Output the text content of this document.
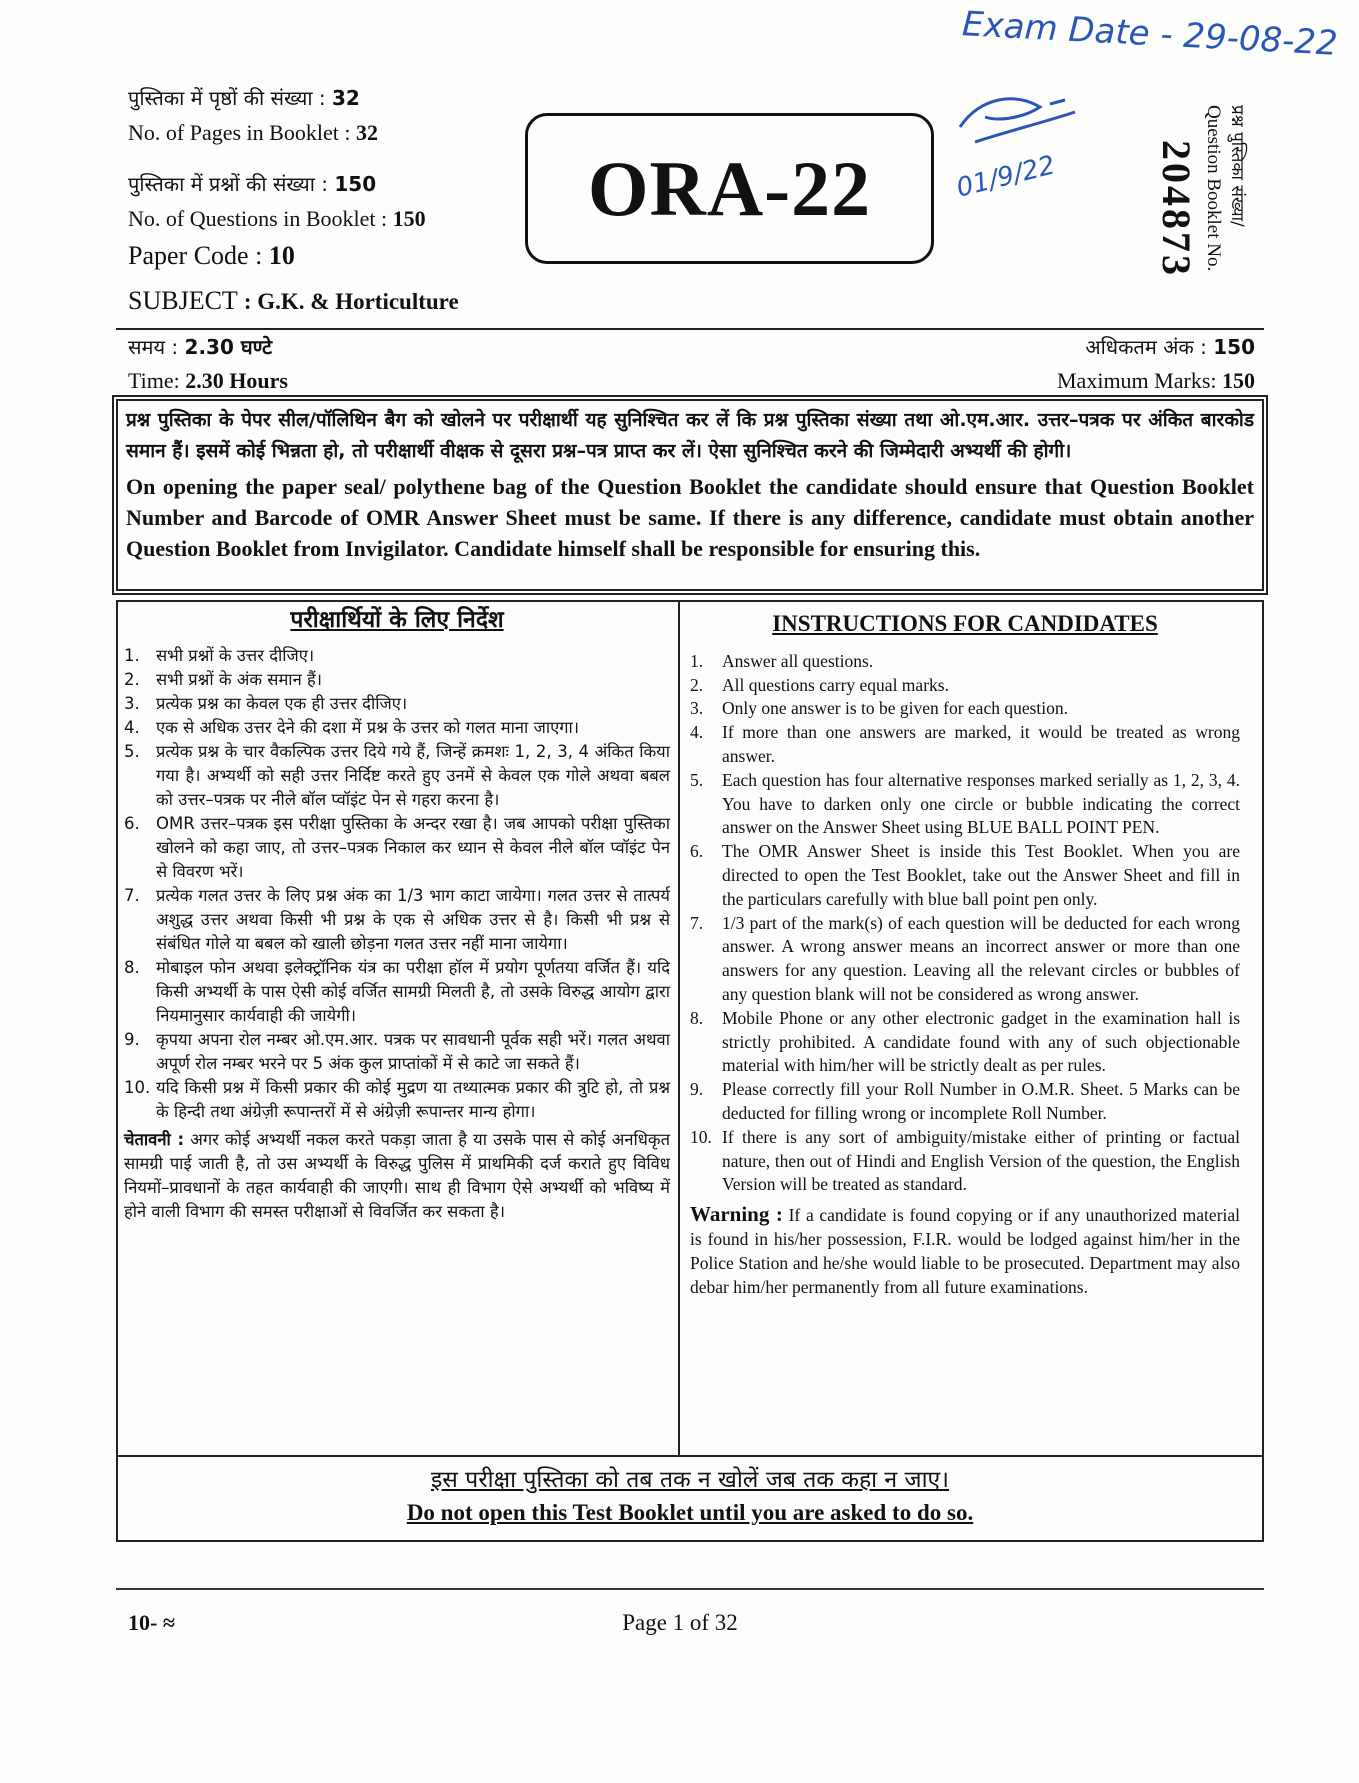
Exam Date - 29-08-22
01/9/22
पुस्तिका में पृष्ठों की संख्या : 32
No. of Pages in Booklet : 32
पुस्तिका में प्रश्नों की संख्या : 150
No. of Questions in Booklet : 150
Paper Code : 10
SUBJECT : G.K. & Horticulture
ORA-22	204873 प्रश्न पुस्तिका संख्या/
Question Booklet No.
समय : 2.30 घण्टे
Time: 2.30 Hours
अधिकतम अंक : 150
Maximum Marks: 150

प्रश्न पुस्तिका के पेपर सील/पॉलिथिन बैग को खोलने पर परीक्षार्थी यह सुनिश्चित कर लें कि प्रश्न पुस्तिका संख्या तथा ओ.एम.आर. उत्तर–पत्रक पर अंकित बारकोड समान हैं। इसमें कोई भिन्नता हो, तो परीक्षार्थी वीक्षक से दूसरा प्रश्न–पत्र प्राप्त कर लें। ऐसा सुनिश्चित करने की जिम्मेदारी अभ्यर्थी की होगी।

On opening the paper seal/ polythene bag of the Question Booklet the candidate should ensure that Question Booklet Number and Barcode of OMR Answer Sheet must be same. If there is any difference, candidate must obtain another Question Booklet from Invigilator. Candidate himself shall be responsible for ensuring this.

परीक्षार्थियों के लिए निर्देश
1. सभी प्रश्नों के उत्तर दीजिए।
2. सभी प्रश्नों के अंक समान हैं।
3. प्रत्येक प्रश्न का केवल एक ही उत्तर दीजिए।
4. एक से अधिक उत्तर देने की दशा में प्रश्न के उत्तर को गलत माना जाएगा।
5. प्रत्येक प्रश्न के चार वैकल्पिक उत्तर दिये गये हैं, जिन्हें क्रमशः 1, 2, 3, 4 अंकित किया गया है। अभ्यर्थी को सही उत्तर निर्दिष्ट करते हुए उनमें से केवल एक गोले अथवा बबल को उत्तर–पत्रक पर नीले बॉल प्वॉइंट पेन से गहरा करना है।
6. OMR उत्तर–पत्रक इस परीक्षा पुस्तिका के अन्दर रखा है। जब आपको परीक्षा पुस्तिका खोलने को कहा जाए, तो उत्तर–पत्रक निकाल कर ध्यान से केवल नीले बॉल प्वॉइंट पेन से विवरण भरें।
7. प्रत्येक गलत उत्तर के लिए प्रश्न अंक का 1/3 भाग काटा जायेगा। गलत उत्तर से तात्पर्य अशुद्ध उत्तर अथवा किसी भी प्रश्न के एक से अधिक उत्तर से है। किसी भी प्रश्न से संबंधित गोले या बबल को खाली छोड़ना गलत उत्तर नहीं माना जायेगा।
8. मोबाइल फोन अथवा इलेक्ट्रॉनिक यंत्र का परीक्षा हॉल में प्रयोग पूर्णतया वर्जित हैं। यदि किसी अभ्यर्थी के पास ऐसी कोई वर्जित सामग्री मिलती है, तो उसके विरुद्ध आयोग द्वारा नियमानुसार कार्यवाही की जायेगी।
9. कृपया अपना रोल नम्बर ओ.एम.आर. पत्रक पर सावधानी पूर्वक सही भरें। गलत अथवा अपूर्ण रोल नम्बर भरने पर 5 अंक कुल प्राप्तांकों में से काटे जा सकते हैं।
10. यदि किसी प्रश्न में किसी प्रकार की कोई मुद्रण या तथ्यात्मक प्रकार की त्रुटि हो, तो प्रश्न के हिन्दी तथा अंग्रेज़ी रूपान्तरों में से अंग्रेज़ी रूपान्तर मान्य होगा।
चेतावनी : अगर कोई अभ्यर्थी नकल करते पकड़ा जाता है या उसके पास से कोई अनधिकृत सामग्री पाई जाती है, तो उस अभ्यर्थी के विरुद्ध पुलिस में प्राथमिकी दर्ज कराते हुए विविध नियमों–प्रावधानों के तहत कार्यवाही की जाएगी। साथ ही विभाग ऐसे अभ्यर्थी को भविष्य में होने वाली विभाग की समस्त परीक्षाओं से विवर्जित कर सकता है।
INSTRUCTIONS FOR CANDIDATES
1.	Answer all questions.
2.	All questions carry equal marks.
3.	Only one answer is to be given for each question.
4.	If more than one answers are marked, it would be treated as wrong answer.
5.	Each question has four alternative responses marked serially as 1, 2, 3, 4. You have to darken only one circle or bubble indicating the correct answer on the Answer Sheet using BLUE BALL POINT PEN.
6.	The OMR Answer Sheet is inside this Test Booklet. When you are directed to open the Test Booklet, take out the Answer Sheet and fill in the particulars carefully with blue ball point pen only.
7.	1/3 part of the mark(s) of each question will be deducted for each wrong answer. A wrong answer means an incorrect answer or more than one answers for any question. Leaving all the relevant circles or bubbles of any question blank will not be considered as wrong answer.
8.	Mobile Phone or any other electronic gadget in the examination hall is strictly prohibited. A candidate found with any of such objectionable material with him/her will be strictly dealt as per rules.
9.	Please correctly fill your Roll Number in O.M.R. Sheet. 5 Marks can be deducted for filling wrong or incomplete Roll Number.
10. If there is any sort of ambiguity/mistake either of printing or factual nature, then out of Hindi and English Version of the question, the English Version will be treated as standard.
Warning : If a candidate is found copying or if any unauthorized material is found in his/her possession, F.I.R. would be lodged against him/her in the Police Station and he/she would liable to be prosecuted. Department may also debar him/her permanently from all future examinations.
इस परीक्षा पुस्तिका को तब तक न खोलें जब तक कहा न जाए।
Do not open this Test Booklet until you are asked to do so.
10- ≈	Page 1 of 32
